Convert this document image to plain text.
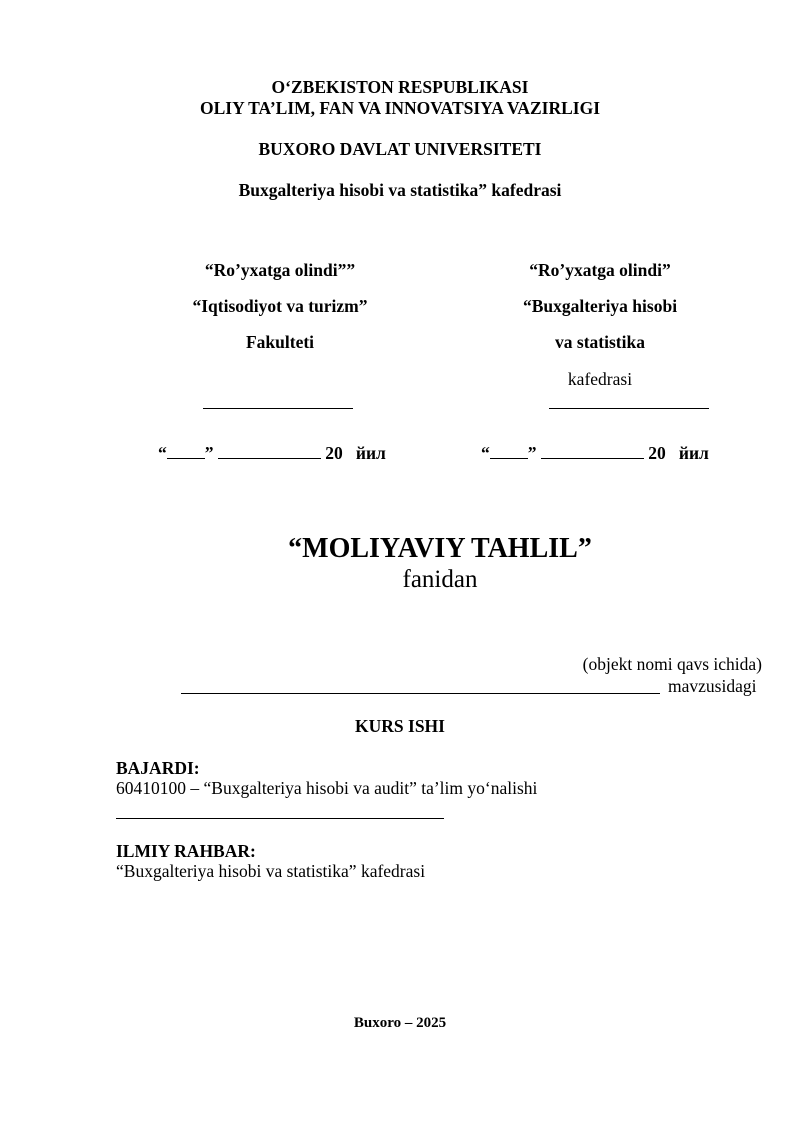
O‘ZBEKISTON RESPUBLIKASI
OLIY TA’LIM, FAN VA INNOVATSIYA VAZIRLIGI
BUXORO DAVLAT UNIVERSITETI
Buxgalteriya hisobi va statistika” kafedrasi
“Ro’yxatga olindi””
“Iqtisodiyot va turizm”
Fakulteti
“ ”	20 йил
“Ro’yxatga olindi”
“Buxgalteriya hisobi
va statistika
kafedrasi
“ ”	20 йил
“MOLIYAVIY TAHLIL”
fanidan
(objekt nomi qavs ichida)
mavzusidagi
KURS ISHI
BAJARDI:
60410100 – “Buxgalteriya hisobi va audit” ta’lim yo‘nalishi
ILMIY RAHBAR:
“Buxgalteriya hisobi va statistika” kafedrasi
Buxoro – 2025
